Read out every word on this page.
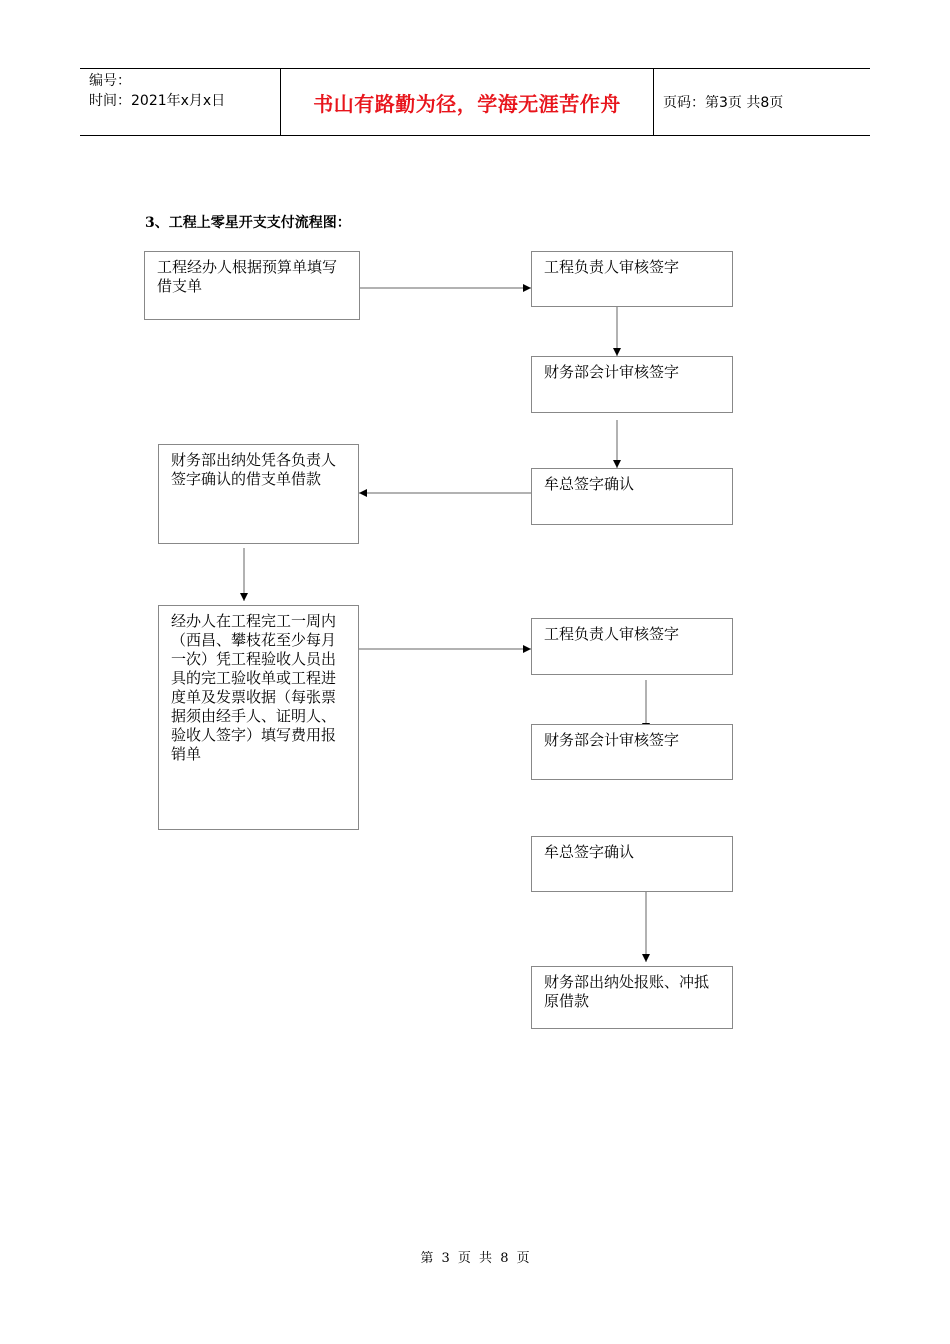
编号：
时间：2021年x月x日	书山有路勤为径，学海无涯苦作舟	页码：第3页 共8页
3、工程上零星开支支付流程图：
工程经办人根据预算单填写借支单
工程负责人审核签字
财务部会计审核签字
牟总签字确认
财务部出纳处凭各负责人签字确认的借支单借款
经办人在工程完工一周内（西昌、攀枝花至少每月一次）凭工程验收人员出具的完工验收单或工程进度单及发票收据（每张票据须由经手人、证明人、验收人签字）填写费用报销单
工程负责人审核签字
财务部会计审核签字
牟总签字确认
财务部出纳处报账、冲抵原借款
第 3 页 共 8 页
